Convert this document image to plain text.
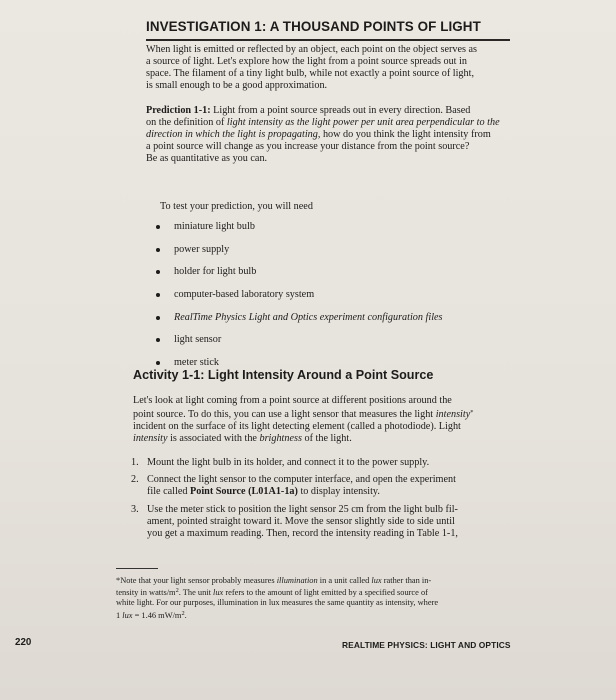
INVESTIGATION 1: A THOUSAND POINTS OF LIGHT

When light is emitted or reflected by an object, each point on the object serves as
a source of light. Let's explore how the light from a point source spreads out in
space. The filament of a tiny light bulb, while not exactly a point source of light,
is small enough to be a good approximation.

Prediction 1-1: Light from a point source spreads out in every direction. Based
on the definition of light intensity as the light power per unit area perpendicular to the
direction in which the light is propagating, how do you think the light intensity from
a point source will change as you increase your distance from the point source?
Be as quantitative as you can.

To test your prediction, you will need
miniature light bulb
power supply
holder for light bulb
computer-based laboratory system
RealTime Physics Light and Optics experiment configuration files
light sensor
meter stick
Activity 1-1: Light Intensity Around a Point Source

Let's look at light coming from a point source at different positions around the
point source. To do this, you can use a light sensor that measures the light intensity*
incident on the surface of its light detecting element (called a photodiode). Light
intensity is associated with the brightness of the light.

1. Mount the light bulb in its holder, and connect it to the power supply.
2. Connect the light sensor to the computer interface, and open the experiment
file called Point Source (L01A1-1a) to display intensity.
3. Use the meter stick to position the light sensor 25 cm from the light bulb fil-
ament, pointed straight toward it. Move the sensor slightly side to side until
you get a maximum reading. Then, record the intensity reading in Table 1-1,

*Note that your light sensor probably measures illumination in a unit called lux rather than in-
tensity in watts/$m^2$. The unit lux refers to the amount of light emitted by a specified source of
white light. For our purposes, illumination in lux measures the same quantity as intensity, where
1 lux = 1.46 $mW/m^2$.

220	REALTIME PHYSICS: LIGHT AND OPTICS
